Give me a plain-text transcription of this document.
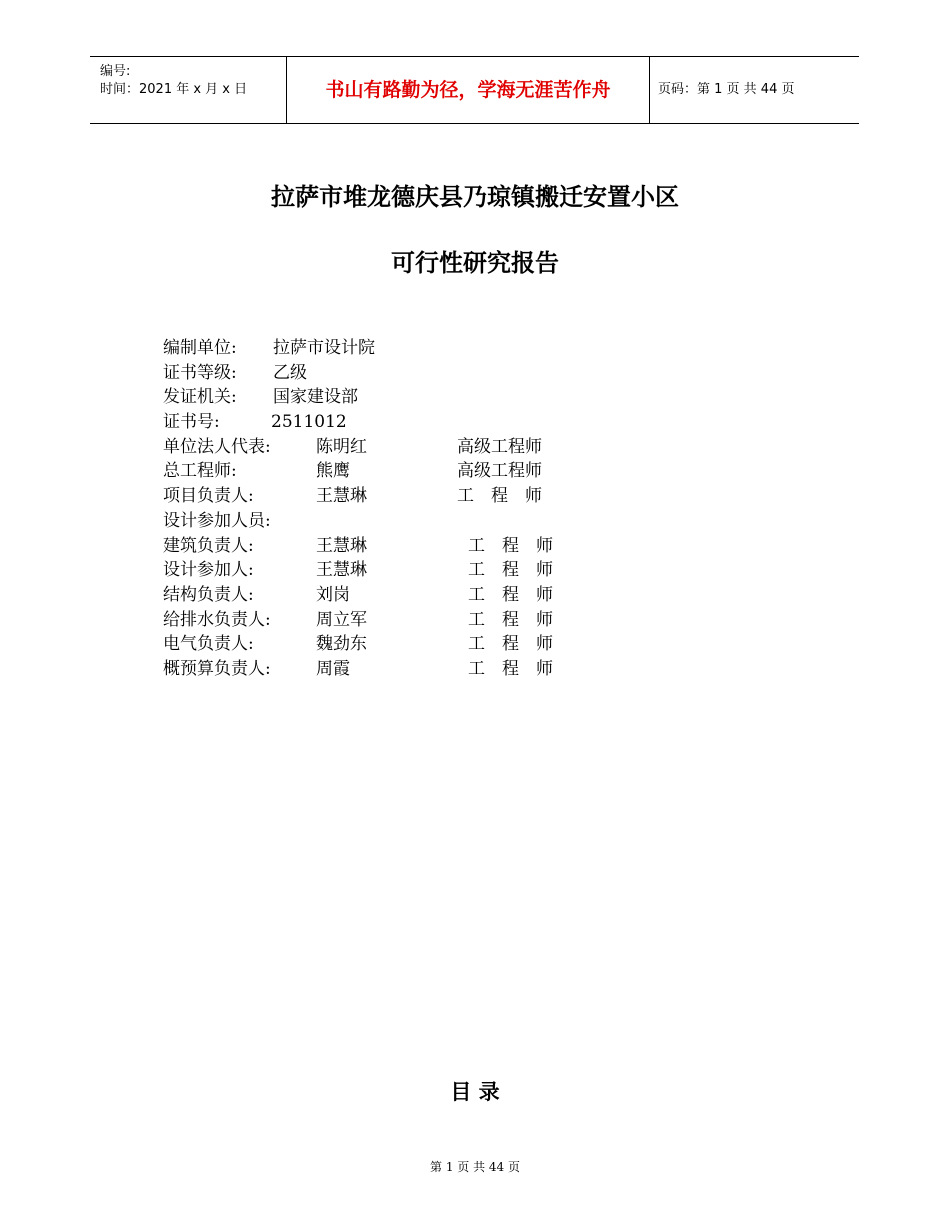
编号:
时间：2021 年 x 月 x 日	书山有路勤为径，学海无涯苦作舟	页码：第 1 页 共 44 页
拉萨市堆龙德庆县乃琼镇搬迁安置小区
可行性研究报告
编制单位: 拉萨市设计院
证书等级: 乙级
发证机关: 国家建设部
证书号:	2511012
单位法人代表:	陈明红	高级工程师
总工程师:	熊鹰	高级工程师
项目负责人:	王慧琳	工　程　师
设计参加人员:
建筑负责人:	王慧琳	工　程　师
设计参加人:	王慧琳	工　程　师
结构负责人:	刘岗	工　程　师
给排水负责人:	周立军	工　程　师
电气负责人:	魏劲东	工　程　师
概预算负责人:	周霞	工　程　师
目 录
第 1 页 共 44 页
